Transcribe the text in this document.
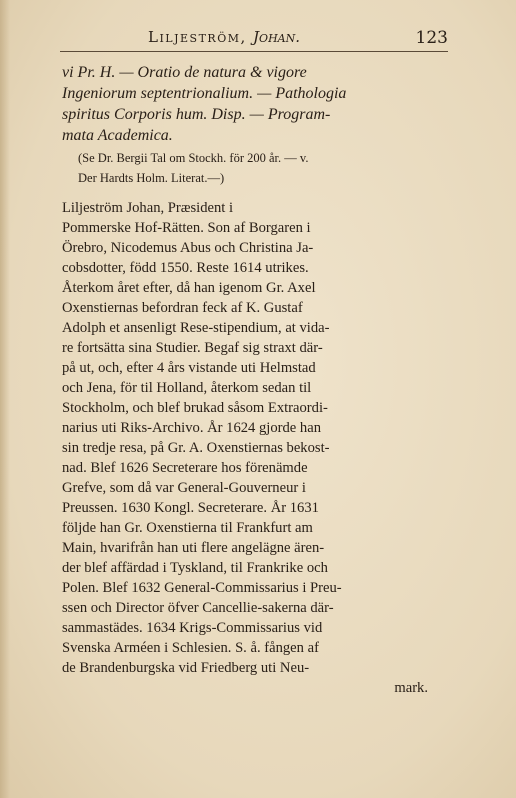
Liljeström, Johan.	123
vi Pr. H. — Oratio de natura & vigore
Ingeniorum septentrionalium. — Pathologia
spiritus Corporis hum. Disp. — Program-
mata Academica.
(Se Dr. Bergii Tal om Stockh. för 200 år. — v.
Der Hardts Holm. Literat.—)
Liljeström Johan, Præsident i
Pommerske Hof-Rätten. Son af Borgaren i
Örebro, Nicodemus Abus och Christina Ja-
cobsdotter, född 1550. Reste 1614 utrikes.
Återkom året efter, då han igenom Gr. Axel
Oxenstiernas befordran feck af K. Gustaf
Adolph et ansenligt Rese-stipendium, at vida-
re fortsätta sina Studier. Begaf sig straxt där-
på ut, och, efter 4 års vistande uti Helmstad
och Jena, för til Holland, återkom sedan til
Stockholm, och blef brukad såsom Extraordi-
narius uti Riks-Archivo. År 1624 gjorde han
sin tredje resa, på Gr. A. Oxenstiernas bekost-
nad. Blef 1626 Secreterare hos förenämde
Grefve, som då var General-Gouverneur i
Preussen. 1630 Kongl. Secreterare. År 1631
följde han Gr. Oxenstierna til Frankfurt am
Main, hvarifrån han uti flere angelägne ären-
der blef affärdad i Tyskland, til Frankrike och
Polen. Blef 1632 General-Commissarius i Preu-
ssen och Director öfver Cancellie-sakerna där-
sammastädes. 1634 Krigs-Commissarius vid
Svenska Arméen i Schlesien. S. å. fången af
de Brandenburgska vid Friedberg uti Neu-
mark.
